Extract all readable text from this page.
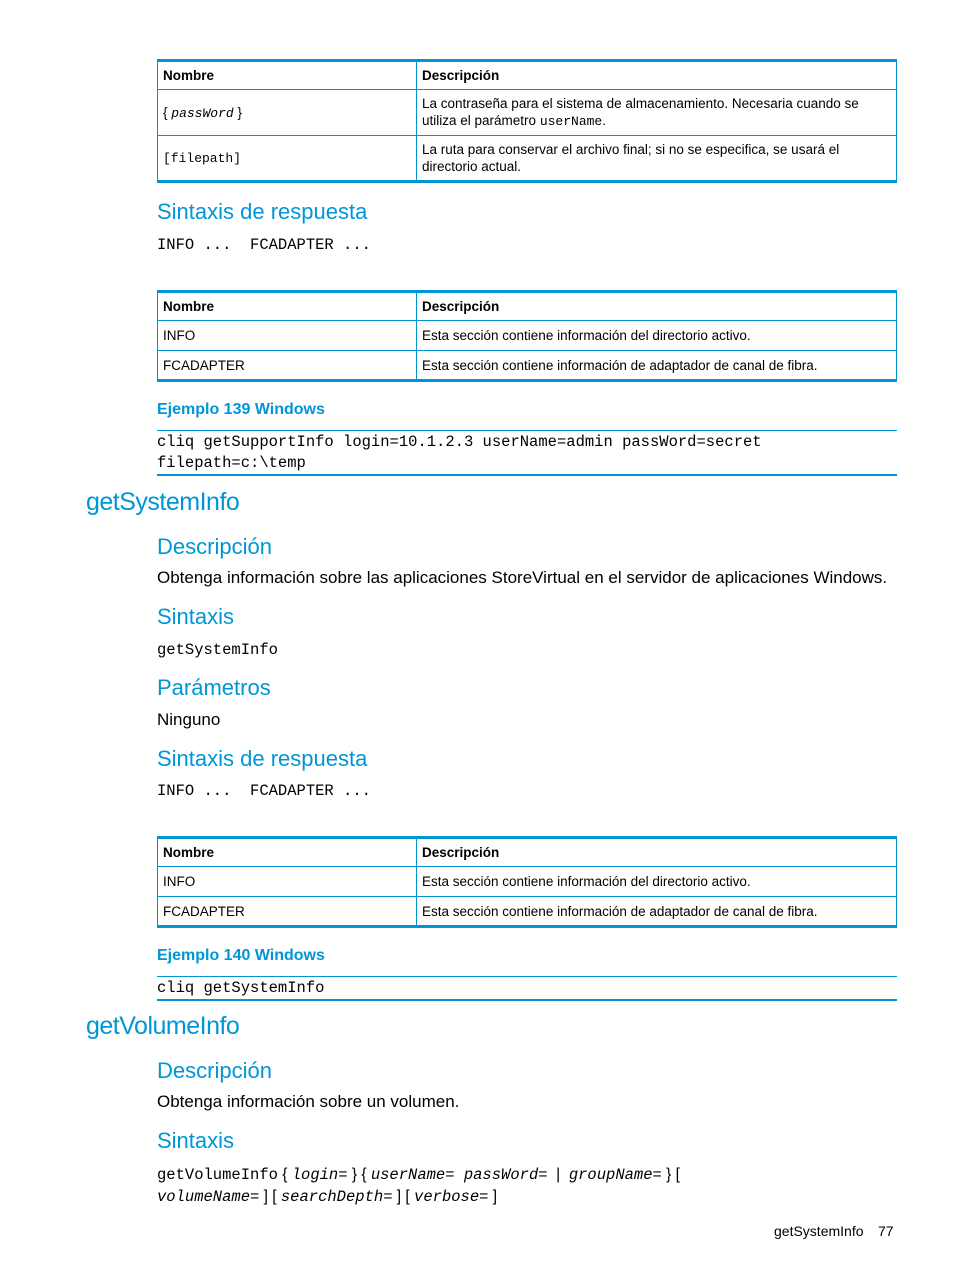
Nombre	Descripción
{ passWord }	La contraseña para el sistema de almacenamiento. Necesaria cuando se
utiliza el parámetro userName.
[filepath]	La ruta para conservar el archivo final; si no se especifica, se usará el
directorio actual.
Sintaxis de respuesta
INFO ...  FCADAPTER ...
Nombre	Descripción
INFO	Esta sección contiene información del directorio activo.
FCADAPTER	Esta sección contiene información de adaptador de canal de fibra.
Ejemplo 139 Windows
cliq getSupportInfo login=10.1.2.3 userName=admin passWord=secret
filepath=c:\temp
getSystemInfo
Descripción
Obtenga información sobre las aplicaciones StoreVirtual en el servidor de aplicaciones Windows.
Sintaxis
getSystemInfo
Parámetros
Ninguno
Sintaxis de respuesta
INFO ...  FCADAPTER ...
Nombre	Descripción
INFO	Esta sección contiene información del directorio activo.
FCADAPTER	Esta sección contiene información de adaptador de canal de fibra.
Ejemplo 140 Windows
cliq getSystemInfo
getVolumeInfo
Descripción
Obtenga información sobre un volumen.
Sintaxis
getVolumeInfo { login= } { userName= passWord=  |  groupName= } [
volumeName= ] [ searchDepth= ] [ verbose= ]
getSystemInfo 77
